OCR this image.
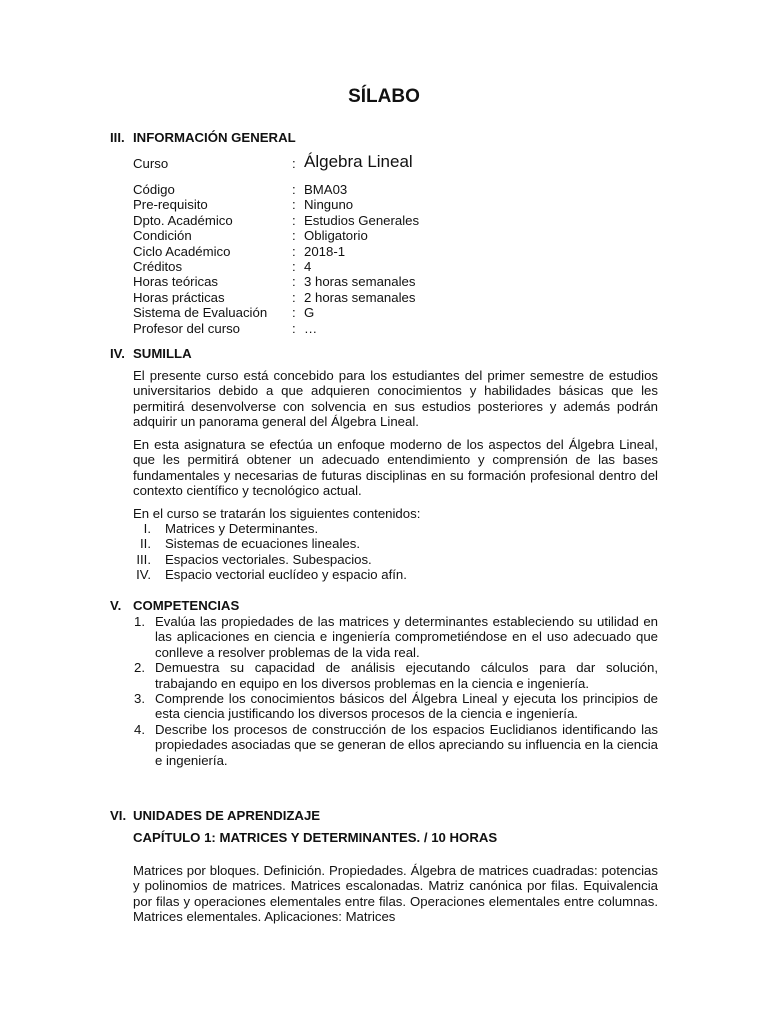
SÍLABO
III. INFORMACIÓN GENERAL
Curso	: Álgebra Lineal
Código	: BMA03
Pre-requisito	: Ninguno
Dpto. Académico	: Estudios Generales
Condición	: Obligatorio
Ciclo Académico	: 2018-1
Créditos	: 4
Horas teóricas	: 3 horas semanales
Horas prácticas	: 2 horas semanales
Sistema de Evaluación : G
Profesor del curso	: …
IV. SUMILLA

El presente curso está concebido para los estudiantes del primer semestre de estudios universitarios debido a que adquieren conocimientos y habilidades básicas que les permitirá desenvolverse con solvencia en sus estudios posteriores y además podrán adquirir un panorama general del Álgebra Lineal.

En esta asignatura se efectúa un enfoque moderno de los aspectos del Álgebra Lineal, que les permitirá obtener un adecuado entendimiento y comprensión de las bases fundamentales y necesarias de futuras disciplinas en su formación profesional dentro del contexto científico y tecnológico actual.

En el curso se tratarán los siguientes contenidos:

I. Matrices y Determinantes.
II. Sistemas de ecuaciones lineales.
III. Espacios vectoriales. Subespacios.
IV. Espacio vectorial euclídeo y espacio afín.
V. COMPETENCIAS
1. Evalúa las propiedades de las matrices y determinantes estableciendo su utilidad en las aplicaciones en ciencia e ingeniería comprometiéndose en el uso adecuado que conlleve a resolver problemas de la vida real.
2. Demuestra su capacidad de análisis ejecutando cálculos para dar solución, trabajando en equipo en los diversos problemas en la ciencia e ingeniería.
3. Comprende los conocimientos básicos del Álgebra Lineal y ejecuta los principios de esta ciencia justificando los diversos procesos de la ciencia e ingeniería.
4. Describe los procesos de construcción de los espacios Euclidianos identificando las propiedades asociadas que se generan de ellos apreciando su influencia en la ciencia e ingeniería.
VI. UNIDADES DE APRENDIZAJE
CAPÍTULO 1: MATRICES Y DETERMINANTES. / 10 HORAS

Matrices por bloques. Definición. Propiedades. Álgebra de matrices cuadradas: potencias y polinomios de matrices. Matrices escalonadas. Matriz canónica por filas. Equivalencia por filas y operaciones elementales entre filas. Operaciones elementales entre columnas. Matrices elementales. Aplicaciones: Matrices
